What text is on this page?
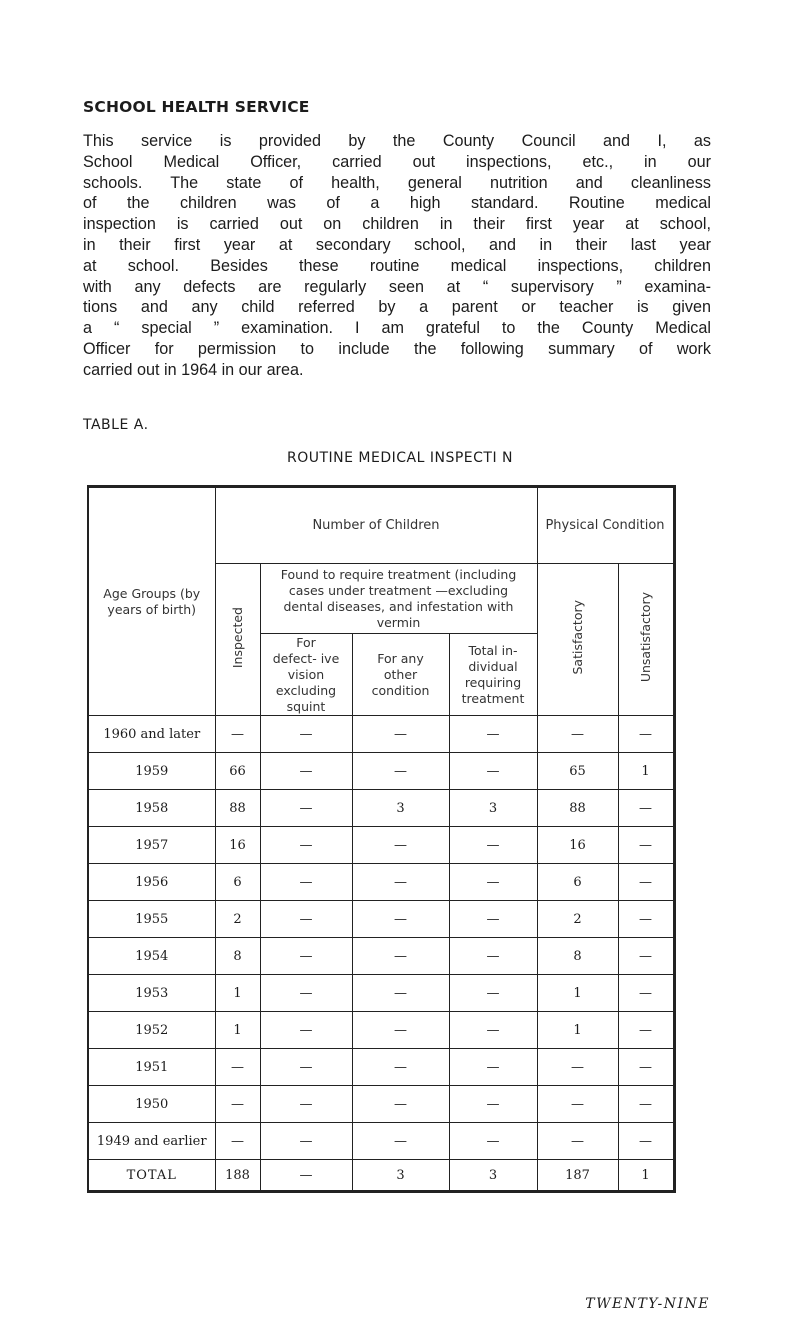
SCHOOL HEALTH SERVICE

This service is provided by the County Council and I, as
School Medical Officer, carried out inspections, etc., in our
schools. The state of health, general nutrition and cleanliness
of the children was of a high standard. Routine medical
inspection is carried out on children in their first year at school,
in their first year at secondary school, and in their last year
at school. Besides these routine medical inspections, children
with any defects are regularly seen at “ supervisory ” examina-
tions and any child referred by a parent or teacher is given
a “ special ” examination. I am grateful to the County Medical
Officer for permission to include the following summary of work
carried out in 1964 in our area.

TABLE A.
ROUTINE MEDICAL INSPECTI N
Age Groups (by years of birth)	Number of Children				Physical Condition	
	Inspected	Found to require treatment (including cases under treatment —excluding dental diseases, and infestation with vermin			Satisfactory	Unsatisfactory
		For defect- ive vision excluding squint	For any other condition	Total in- dividual requiring treatment		
1960 and later	—	—	—	—	—	—
1959	66	—	—	—	65	1
1958	88	—	3	3	88	—
1957	16	—	—	—	16	—
1956	6	—	—	—	6	—
1955	2	—	—	—	2	—
1954	8	—	—	—	8	—
1953	1	—	—	—	1	—
1952	1	—	—	—	1	—
1951	—	—	—	—	—	—
1950	—	—	—	—	—	—
1949 and earlier	—	—	—	—	—	—
TOTAL	188	—	3	3	187	1
TWENTY-NINE
